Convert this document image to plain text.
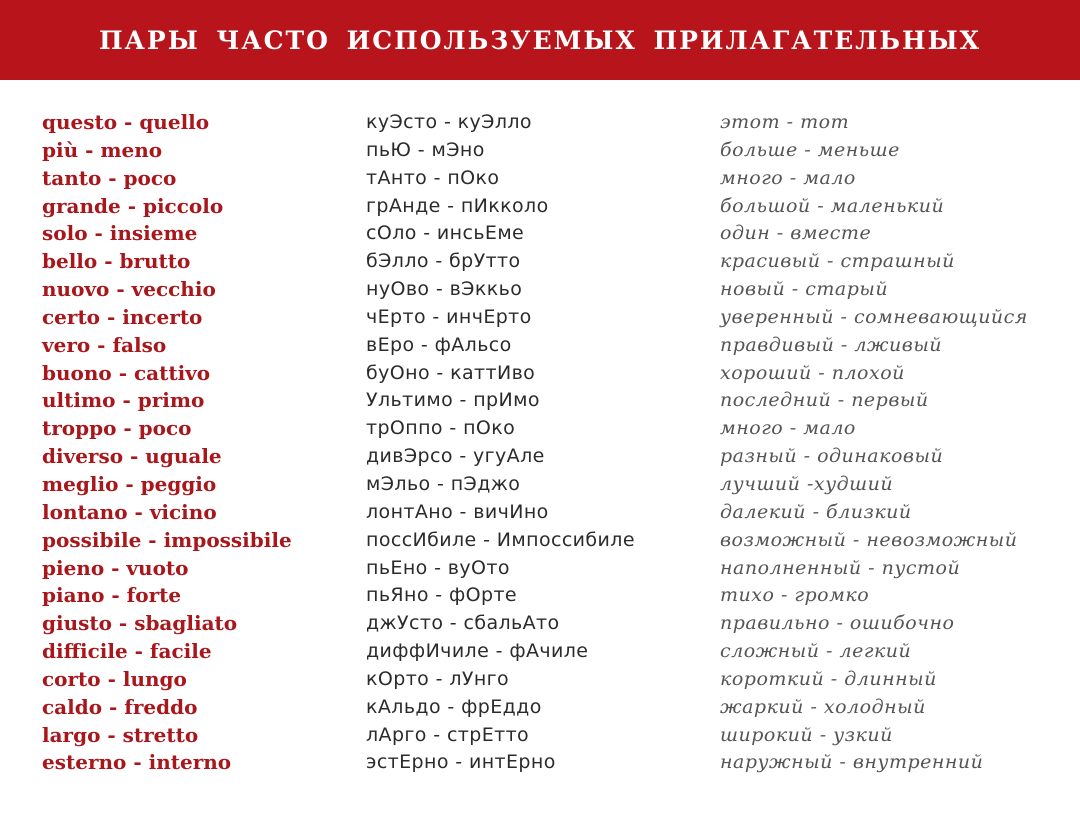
ПАРЫ ЧАСТО ИСПОЛЬЗУЕМЫХ ПРИЛАГАТЕЛЬНЫХ
questo - quello	куЭсто - куЭлло	этот - тот
più - meno	пьЮ - мЭно	больше - меньше
tanto - poco	тАнто - пОко	много - мало
grande - piccolo	грАнде - пИкколо	большой - маленький
solo - insieme	сОло - инсьЕме	один - вместе
bello - brutto	бЭлло - брУтто	красивый - страшный
nuovo - vecchio	нуОво - вЭккьо	новый - старый
certo - incerto	чЕрто - инчЕрто	уверенный - сомневающийся
vero - falso	вЕро - фАльсо	правдивый - лживый
buono - cattivo	буОно - каттИво	хороший - плохой
ultimo - primo	Ультимо - прИмо	последний - первый
troppo - poco	трОппо - пОко	много - мало
diverso - uguale	дивЭрсо - угуАле	разный - одинаковый
meglio - peggio	мЭльо - пЭджо	лучший -худший
lontano - vicino	лонтАно - вичИно	далекий - близкий
possibile - impossibile	поссИбиле - Импоссибиле	возможный - невозможный
pieno - vuoto	пьЕно - вуОто	наполненный - пустой
piano - forte	пьЯно - фОрте	тихо - громко
giusto - sbagliato	джУсто - сбальАто	правильно - ошибочно
difficile - facile	диффИчиле - фАчиле	сложный - легкий
corto - lungo	кОрто - лУнго	короткий - длинный
caldo - freddo	кАльдо - фрЕддо	жаркий - холодный
largo - stretto	лАрго - стрЕтто	широкий - узкий
esterno - interno	эстЕрно - интЕрно	наружный - внутренний
